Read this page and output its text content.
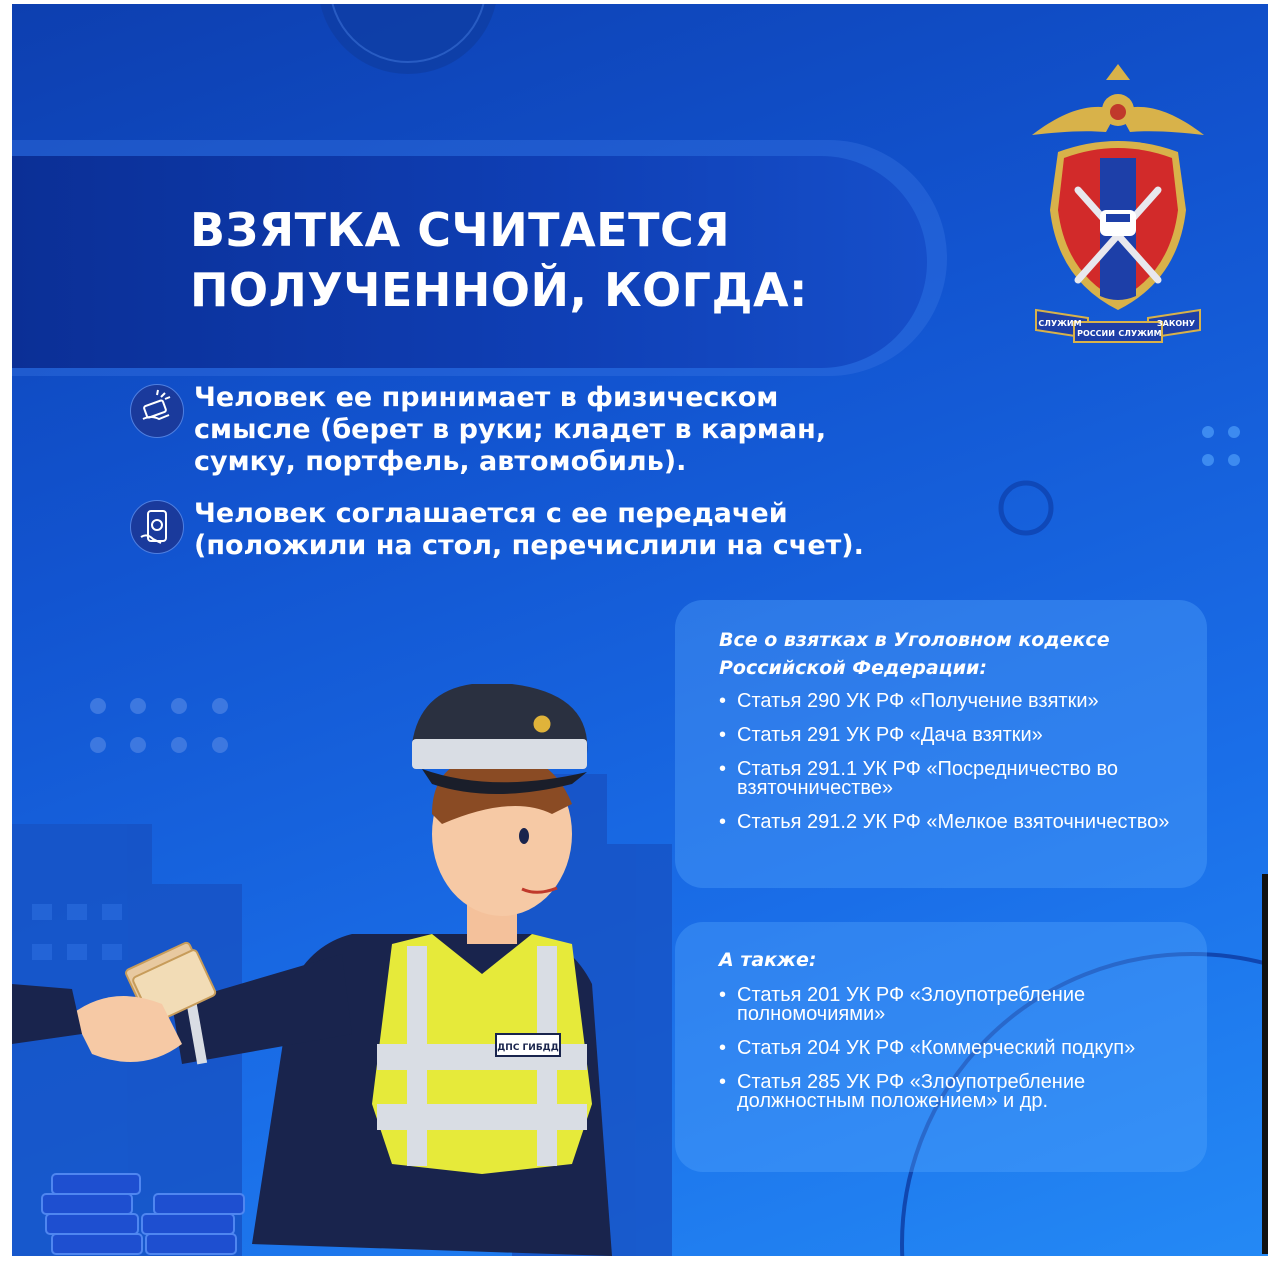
ВЗЯТКА СЧИТАЕТСЯ ПОЛУЧЕННОЙ, КОГДА:
Человек ее принимает в физическом смысле (берет в руки; кладет в карман, сумку, портфель, автомобиль).
Человек соглашается с ее передачей (положили на стол, перечислили на счет).
Все о взятках в Уголовном кодексе Российской Федерации:
• Статья 290 УК РФ «Получение взятки»
• Статья 291 УК РФ «Дача взятки»
• Статья 291.1 УК РФ «Посредничество во взяточничестве»
• Статья 291.2 УК РФ «Мелкое взяточничество»
А также:
• Статья 201 УК РФ «Злоупотребление полномочиями»
• Статья 204 УК РФ «Коммерческий подкуп»
• Статья 285 УК РФ «Злоупотребление должностным положением» и др.
СЛУЖИМ
РОССИИ СЛУЖИМ
ЗАКОНУ
ДПС ГИБДД
